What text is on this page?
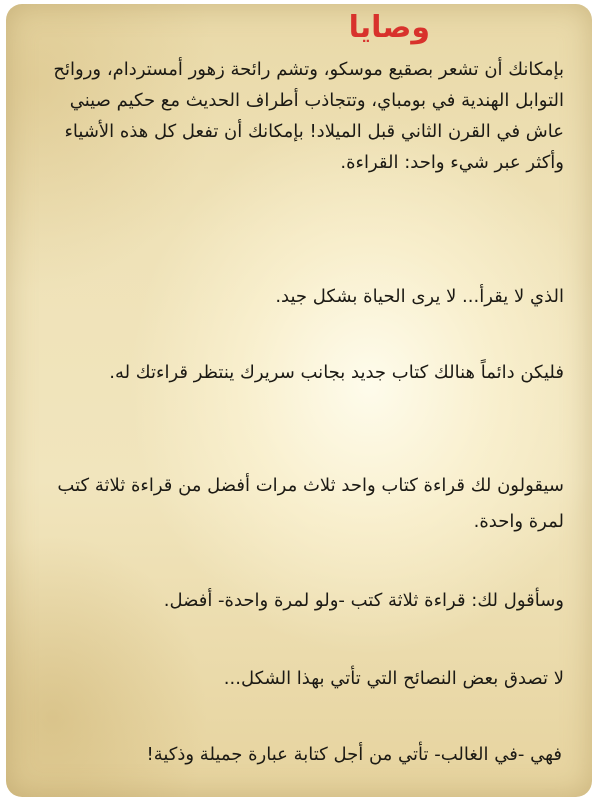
وصايا

بإمكانك أن تشعر بصقيع موسكو، وتشم رائحة زهور أمستردام، وروائح التوابل الهندية في بومباي، وتتجاذب أطراف الحديث مع حكيم صيني عاش في القرن الثاني قبل الميلاد! بإمكانك أن تفعل كل هذه الأشياء وأكثر عبر شيء واحد: القراءة.

الذي لا يقرأ... لا يرى الحياة بشكل جيد.

فليكن دائماً هنالك كتاب جديد بجانب سريرك ينتظر قراءتك له.

سيقولون لك قراءة كتاب واحد ثلاث مرات أفضل من قراءة ثلاثة كتب لمرة واحدة.

وسأقول لك: قراءة ثلاثة كتب -ولو لمرة واحدة- أفضل.

لا تصدق بعض النصائح التي تأتي بهذا الشكل...

فهي -في الغالب- تأتي من أجل كتابة عبارة جميلة وذكية!
